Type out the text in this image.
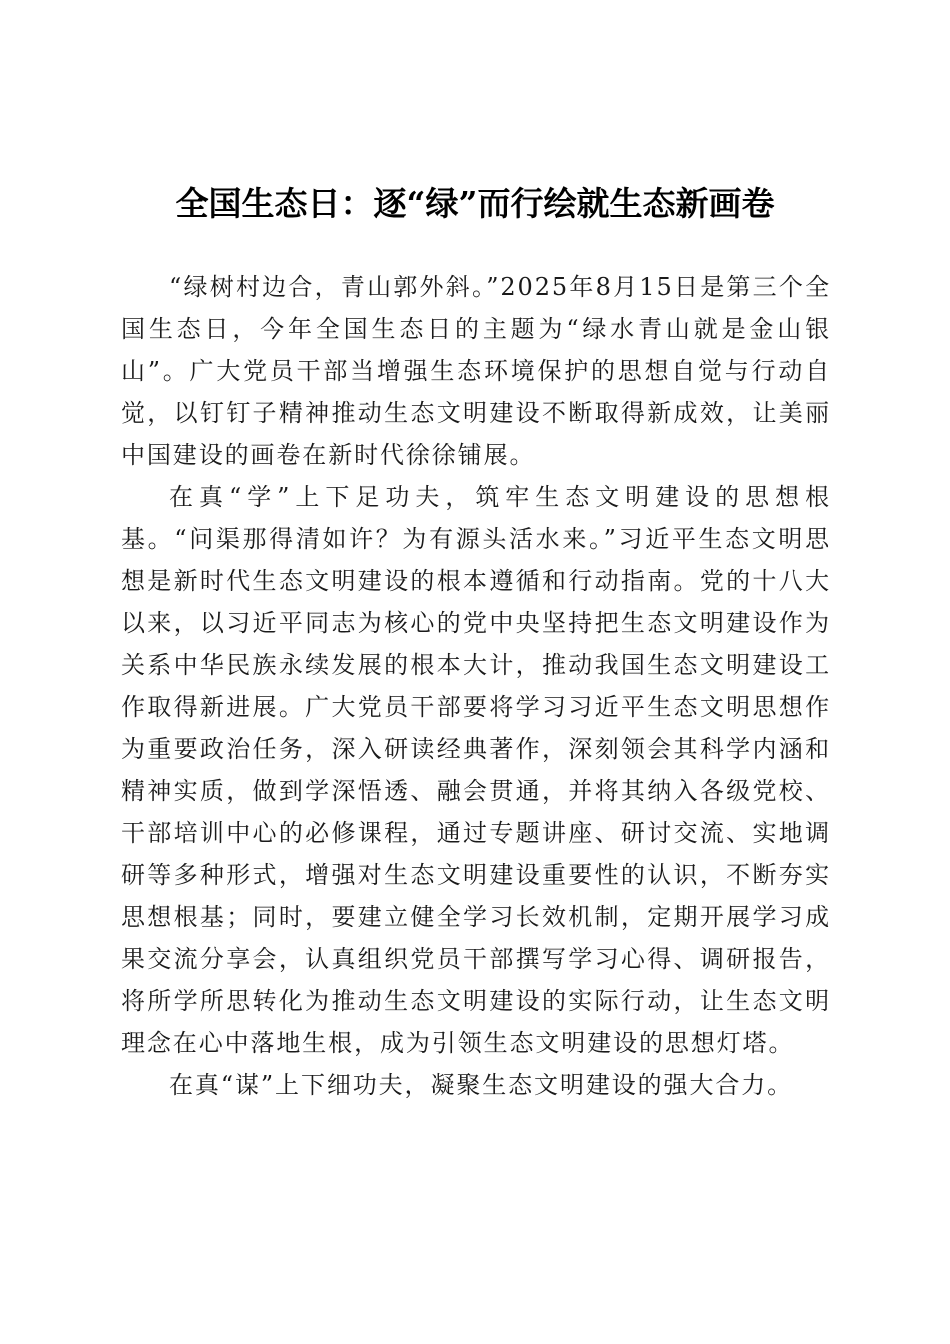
全国生态日：逐“绿”而行绘就生态新画卷

“绿树村边合，青山郭外斜。”2025年8月15日是第三个全国生态日，今年全国生态日的主题为“绿水青山就是金山银山”。广大党员干部当增强生态环境保护的思想自觉与行动自觉，以钉钉子精神推动生态文明建设不断取得新成效，让美丽中国建设的画卷在新时代徐徐铺展。

在真“学”上下足功夫，筑牢生态文明建设的思想根基。“问渠那得清如许？为有源头活水来。”习近平生态文明思想是新时代生态文明建设的根本遵循和行动指南。党的十八大以来，以习近平同志为核心的党中央坚持把生态文明建设作为关系中华民族永续发展的根本大计，推动我国生态文明建设工作取得新进展。广大党员干部要将学习习近平生态文明思想作为重要政治任务，深入研读经典著作，深刻领会其科学内涵和精神实质，做到学深悟透、融会贯通，并将其纳入各级党校、干部培训中心的必修课程，通过专题讲座、研讨交流、实地调研等多种形式，增强对生态文明建设重要性的认识，不断夯实思想根基；同时，要建立健全学习长效机制，定期开展学习成果交流分享会，认真组织党员干部撰写学习心得、调研报告，将所学所思转化为推动生态文明建设的实际行动，让生态文明理念在心中落地生根，成为引领生态文明建设的思想灯塔。

在真“谋”上下细功夫，凝聚生态文明建设的强大合力。
